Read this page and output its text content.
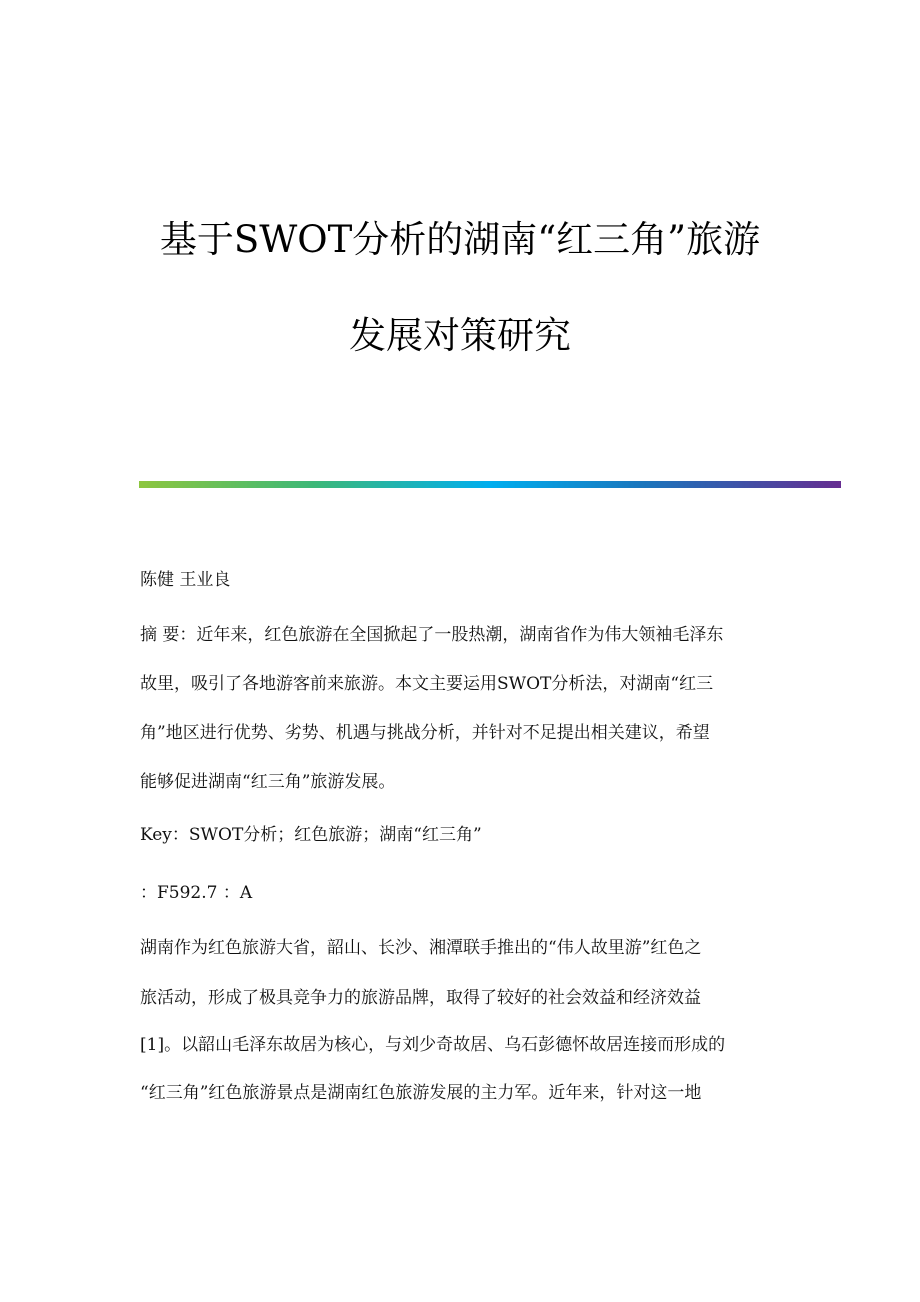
基于SWOT分析的湖南“红三角”旅游
发展对策研究
陈健 王业良
摘 要：近年来，红色旅游在全国掀起了一股热潮，湖南省作为伟大领袖毛泽东
故里，吸引了各地游客前来旅游。本文主要运用SWOT分析法，对湖南“红三
角”地区进行优势、劣势、机遇与挑战分析，并针对不足提出相关建议，希望
能够促进湖南“红三角”旅游发展。
Key：SWOT分析；红色旅游；湖南“红三角”
：F592.7 ：A
湖南作为红色旅游大省，韶山、长沙、湘潭联手推出的“伟人故里游”红色之
旅活动，形成了极具竞争力的旅游品牌，取得了较好的社会效益和经济效益
[1]。以韶山毛泽东故居为核心，与刘少奇故居、乌石彭德怀故居连接而形成的
“红三角”红色旅游景点是湖南红色旅游发展的主力军。近年来，针对这一地
